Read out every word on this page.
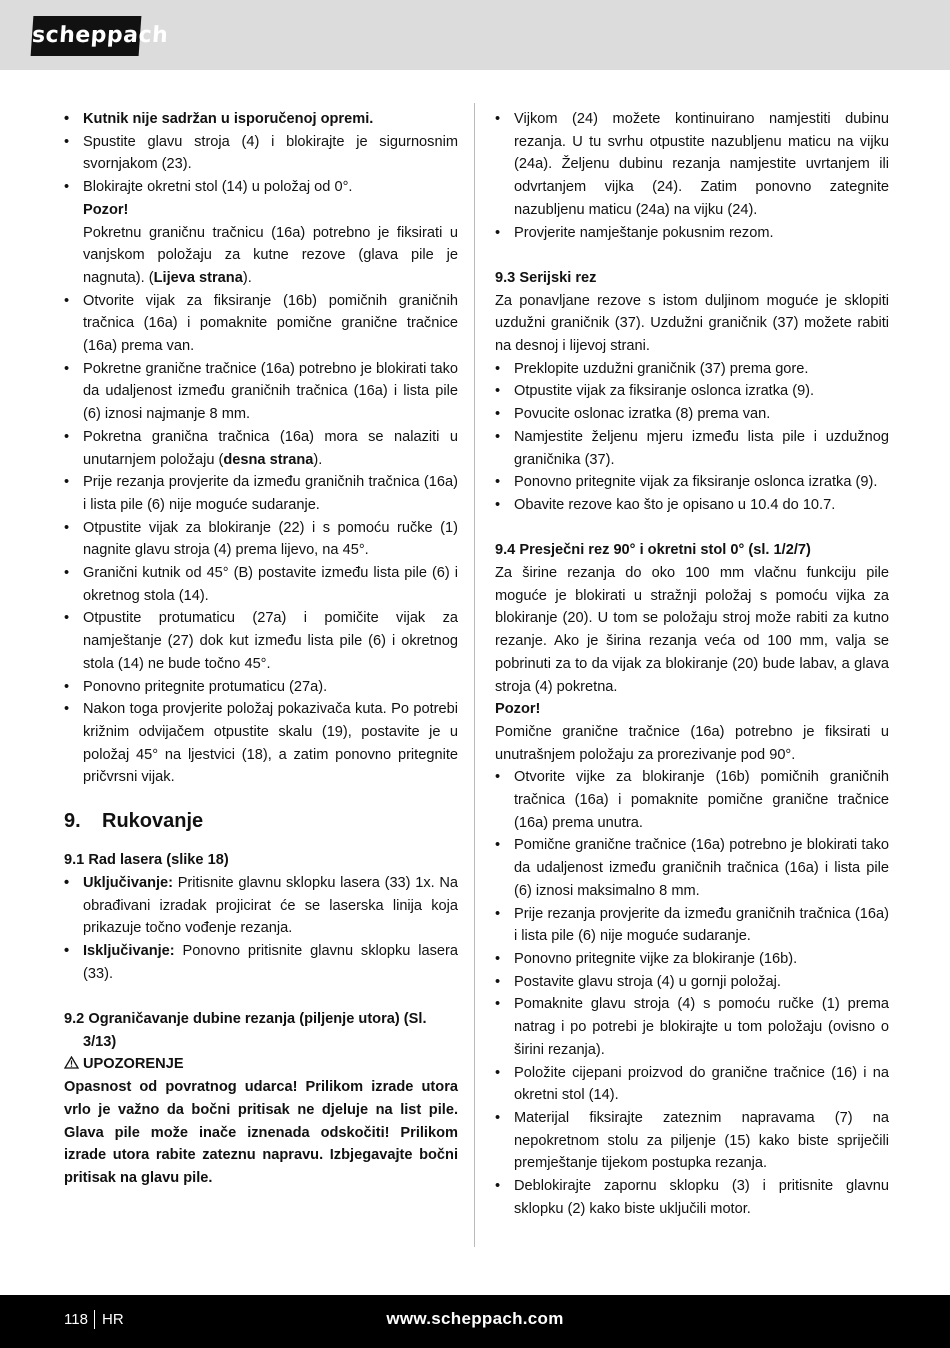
scheppach
• Kutnik nije sadržan u isporučenoj opremi.
• Spustite glavu stroja (4) i blokirajte je sigurnosnim svornjakom (23).
• Blokirajte okretni stol (14) u položaj od 0°.
Pozor!
Pokretnu graničnu tračnicu (16a) potrebno je fiksirati u vanjskom položaju za kutne rezove (glava pile je nagnuta). (Lijeva strana).
• Otvorite vijak za fiksiranje (16b) pomičnih graničnih tračnica (16a) i pomaknite pomične granične tračnice (16a) prema van.
• Pokretne granične tračnice (16a) potrebno je blokirati tako da udaljenost između graničnih tračnica (16a) i lista pile (6) iznosi najmanje 8 mm.
• Pokretna granična tračnica (16a) mora se nalaziti u unutarnjem položaju (desna strana).
• Prije rezanja provjerite da između graničnih tračnica (16a) i lista pile (6) nije moguće sudaranje.
• Otpustite vijak za blokiranje (22) i s pomoću ručke (1) nagnite glavu stroja (4) prema lijevo, na 45°.
• Granični kutnik od 45° (B) postavite između lista pile (6) i okretnog stola (14).
• Otpustite protumaticu (27a) i pomičite vijak za namještanje (27) dok kut između lista pile (6) i okretnog stola (14) ne bude točno 45°.
• Ponovno pritegnite protumaticu (27a).
• Nakon toga provjerite položaj pokazivača kuta. Po potrebi križnim odvijačem otpustite skalu (19), postavite je u položaj 45° na ljestvici (18), a zatim ponovno pritegnite pričvrsni vijak.
9. Rukovanje
9.1 Rad lasera (slike 18)
• Uključivanje: Pritisnite glavnu sklopku lasera (33) 1x. Na obrađivani izradak projicirat će se laserska linija koja prikazuje točno vođenje rezanja.
• Isključivanje: Ponovno pritisnite glavnu sklopku lasera (33).
9.2 Ograničavanje dubine rezanja (piljenje utora) (Sl. 3/13)
UPOZORENJE
Opasnost od povratnog udarca! Prilikom izrade utora vrlo je važno da bočni pritisak ne djeluje na list pile. Glava pile može inače iznenada odskočiti! Prilikom izrade utora rabite zateznu napravu. Izbjegavajte bočni pritisak na glavu pile.
• Vijkom (24) možete kontinuirano namjestiti dubinu rezanja. U tu svrhu otpustite nazubljenu maticu na vijku (24a). Željenu dubinu rezanja namjestite uvrtanjem ili odvrtanjem vijka (24). Zatim ponovno zategnite nazubljenu maticu (24a) na vijku (24).
• Provjerite namještanje pokusnim rezom.
9.3 Serijski rez
Za ponavljane rezove s istom duljinom moguće je sklopiti uzdužni graničnik (37). Uzdužni graničnik (37) možete rabiti na desnoj i lijevoj strani.
• Preklopite uzdužni graničnik (37) prema gore.
• Otpustite vijak za fiksiranje oslonca izratka (9).
• Povucite oslonac izratka (8) prema van.
• Namjestite željenu mjeru između lista pile i uzdužnog graničnika (37).
• Ponovno pritegnite vijak za fiksiranje oslonca izratka (9).
• Obavite rezove kao što je opisano u 10.4 do 10.7.
9.4 Presječni rez 90° i okretni stol 0° (sl. 1/2/7)
Za širine rezanja do oko 100 mm vlačnu funkciju pile moguće je blokirati u stražnji položaj s pomoću vijka za blokiranje (20). U tom se položaju stroj može rabiti za kutno rezanje. Ako je širina rezanja veća od 100 mm, valja se pobrinuti za to da vijak za blokiranje (20) bude labav, a glava stroja (4) pokretna.
Pozor!
Pomične granične tračnice (16a) potrebno je fiksirati u unutrašnjem položaju za prorezivanje pod 90°.
• Otvorite vijke za blokiranje (16b) pomičnih graničnih tračnica (16a) i pomaknite pomične granične tračnice (16a) prema unutra.
• Pomične granične tračnice (16a) potrebno je blokirati tako da udaljenost između graničnih tračnica (16a) i lista pile (6) iznosi maksimalno 8 mm.
• Prije rezanja provjerite da između graničnih tračnica (16a) i lista pile (6) nije moguće sudaranje.
• Ponovno pritegnite vijke za blokiranje (16b).
• Postavite glavu stroja (4) u gornji položaj.
• Pomaknite glavu stroja (4) s pomoću ručke (1) prema natrag i po potrebi je blokirajte u tom položaju (ovisno o širini rezanja).
• Položite cijepani proizvod do granične tračnice (16) i na okretni stol (14).
• Materijal fiksirajte zateznim napravama (7) na nepokretnom stolu za piljenje (15) kako biste spriječili premještanje tijekom postupka rezanja.
• Deblokirajte zapornu sklopku (3) i pritisnite glavnu sklopku (2) kako biste uključili motor.
118 HR	www.scheppach.com
